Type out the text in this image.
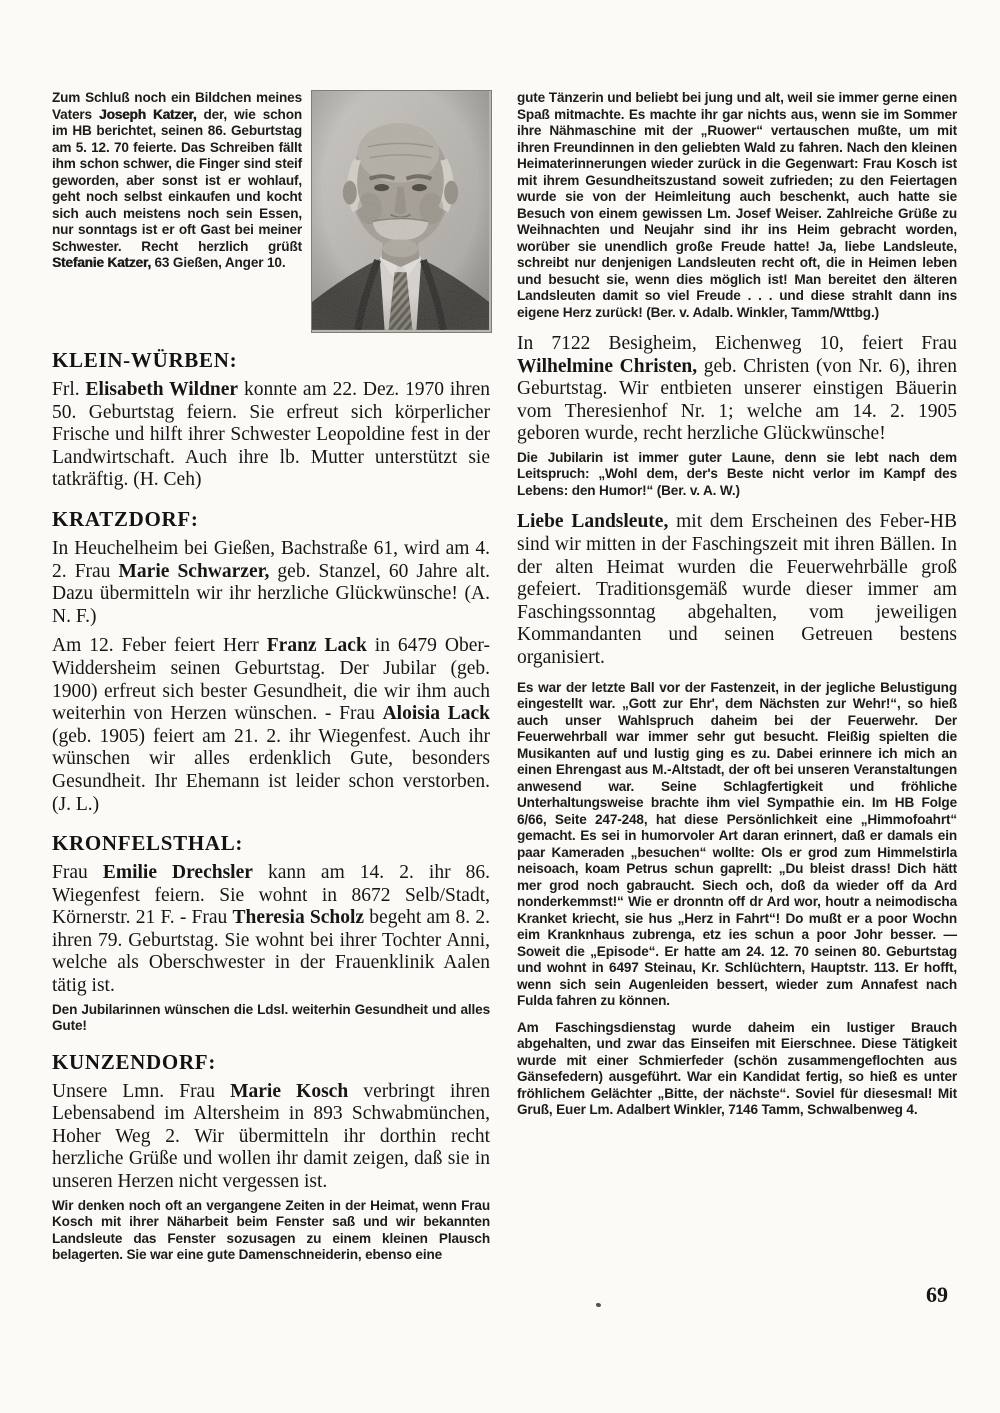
Zum Schluß noch ein Bildchen meines Vaters Joseph Katzer, der, wie schon im HB berichtet, seinen 86. Geburtstag am 5. 12. 70 feierte. Das Schreiben fällt ihm schon schwer, die Finger sind steif geworden, aber sonst ist er wohlauf, geht noch selbst einkaufen und kocht sich auch meistens noch sein Essen, nur sonntags ist er oft Gast bei meiner Schwester. Recht herzlich grüßt Stefanie Katzer, 63 Gießen, Anger 10.

KLEIN-WÜRBEN:

Frl. Elisabeth Wildner konnte am 22. Dez. 1970 ihren 50. Geburtstag feiern. Sie erfreut sich körperlicher Frische und hilft ihrer Schwester Leopoldine fest in der Landwirtschaft. Auch ihre lb. Mutter unterstützt sie tatkräftig. (H. Ceh)

KRATZDORF:

In Heuchelheim bei Gießen, Bachstraße 61, wird am 4. 2. Frau Marie Schwarzer, geb. Stanzel, 60 Jahre alt. Dazu übermitteln wir ihr herzliche Glückwünsche! (A. N. F.)

Am 12. Feber feiert Herr Franz Lack in 6479 Ober-Widdersheim seinen Geburtstag. Der Jubilar (geb. 1900) erfreut sich bester Gesundheit, die wir ihm auch weiterhin von Herzen wünschen. - Frau Aloisia Lack (geb. 1905) feiert am 21. 2. ihr Wiegenfest. Auch ihr wünschen wir alles erdenklich Gute, besonders Gesundheit. Ihr Ehemann ist leider schon verstorben. (J. L.)

KRONFELSTHAL:

Frau Emilie Drechsler kann am 14. 2. ihr 86. Wiegenfest feiern. Sie wohnt in 8672 Selb/Stadt, Körnerstr. 21 F. - Frau Theresia Scholz begeht am 8. 2. ihren 79. Geburtstag. Sie wohnt bei ihrer Tochter Anni, welche als Oberschwester in der Frauenklinik Aalen tätig ist.

Den Jubilarinnen wünschen die Ldsl. weiterhin Gesundheit und alles Gute!

KUNZENDORF:

Unsere Lmn. Frau Marie Kosch verbringt ihren Lebensabend im Altersheim in 893 Schwabmünchen, Hoher Weg 2. Wir übermitteln ihr dorthin recht herzliche Grüße und wollen ihr damit zeigen, daß sie in unseren Herzen nicht vergessen ist.

Wir denken noch oft an vergangene Zeiten in der Heimat, wenn Frau Kosch mit ihrer Näharbeit beim Fenster saß und wir bekannten Landsleute das Fenster sozusagen zu einem kleinen Plausch belagerten. Sie war eine gute Damenschneiderin, ebenso eine

gute Tänzerin und beliebt bei jung und alt, weil sie immer gerne einen Spaß mitmachte. Es machte ihr gar nichts aus, wenn sie im Sommer ihre Nähmaschine mit der „Ruower“ vertauschen mußte, um mit ihren Freundinnen in den geliebten Wald zu fahren. Nach den kleinen Heimaterinnerungen wieder zurück in die Gegenwart: Frau Kosch ist mit ihrem Gesundheitszustand soweit zufrieden; zu den Feiertagen wurde sie von der Heimleitung auch beschenkt, auch hatte sie Besuch von einem gewissen Lm. Josef Weiser. Zahlreiche Grüße zu Weihnachten und Neujahr sind ihr ins Heim gebracht worden, worüber sie unendlich große Freude hatte! Ja, liebe Landsleute, schreibt nur denjenigen Landsleuten recht oft, die in Heimen leben und besucht sie, wenn dies möglich ist! Man bereitet den älteren Landsleuten damit so viel Freude . . . und diese strahlt dann ins eigene Herz zurück! (Ber. v. Adalb. Winkler, Tamm/Wttbg.)

In 7122 Besigheim, Eichenweg 10, feiert Frau Wilhelmine Christen, geb. Christen (von Nr. 6), ihren Geburtstag. Wir entbieten unserer einstigen Bäuerin vom Theresienhof Nr. 1; welche am 14. 2. 1905 geboren wurde, recht herzliche Glückwünsche!

Die Jubilarin ist immer guter Laune, denn sie lebt nach dem Leitspruch: „Wohl dem, der's Beste nicht verlor im Kampf des Lebens: den Humor!“ (Ber. v. A. W.)

Liebe Landsleute, mit dem Erscheinen des Feber-HB sind wir mitten in der Faschingszeit mit ihren Bällen. In der alten Heimat wurden die Feuerwehrbälle groß gefeiert. Traditionsgemäß wurde dieser immer am Faschingssonntag abgehalten, vom jeweiligen Kommandanten und seinen Getreuen bestens organisiert.

Es war der letzte Ball vor der Fastenzeit, in der jegliche Belustigung eingestellt war. „Gott zur Ehr', dem Nächsten zur Wehr!“, so hieß auch unser Wahlspruch daheim bei der Feuerwehr. Der Feuerwehrball war immer sehr gut besucht. Fleißig spielten die Musikanten auf und lustig ging es zu. Dabei erinnere ich mich an einen Ehrengast aus M.-Altstadt, der oft bei unseren Veranstaltungen anwesend war. Seine Schlagfertigkeit und fröhliche Unterhaltungsweise brachte ihm viel Sympathie ein. Im HB Folge 6/66, Seite 247-248, hat diese Persönlichkeit eine „Himmofoahrt“ gemacht. Es sei in humorvoler Art daran erinnert, daß er damals ein paar Kameraden „besuchen“ wollte: Ols er grod zum Himmelstirla neisoach, koam Petrus schun gaprellt: „Du bleist drass! Dich hätt mer grod noch gabraucht. Siech och, doß da wieder off da Ard nonderkemmst!“ Wie er dronntn off dr Ard wor, houtr a neimodischa Kranket kriecht, sie hus „Herz in Fahrt“! Do mußt er a poor Wochn eim Kranknhaus zubrenga, etz ies schun a poor Johr besser. — Soweit die „Episode“. Er hatte am 24. 12. 70 seinen 80. Geburtstag und wohnt in 6497 Steinau, Kr. Schlüchtern, Hauptstr. 113. Er hofft, wenn sich sein Augenleiden bessert, wieder zum Annafest nach Fulda fahren zu können.

Am Faschingsdienstag wurde daheim ein lustiger Brauch abgehalten, und zwar das Einseifen mit Eierschnee. Diese Tätigkeit wurde mit einer Schmierfeder (schön zusammengeflochten aus Gänsefedern) ausgeführt. War ein Kandidat fertig, so hieß es unter fröhlichem Gelächter „Bitte, der nächste“. Soviel für diesesmal! Mit Gruß, Euer Lm. Adalbert Winkler, 7146 Tamm, Schwalbenweg 4.

69
